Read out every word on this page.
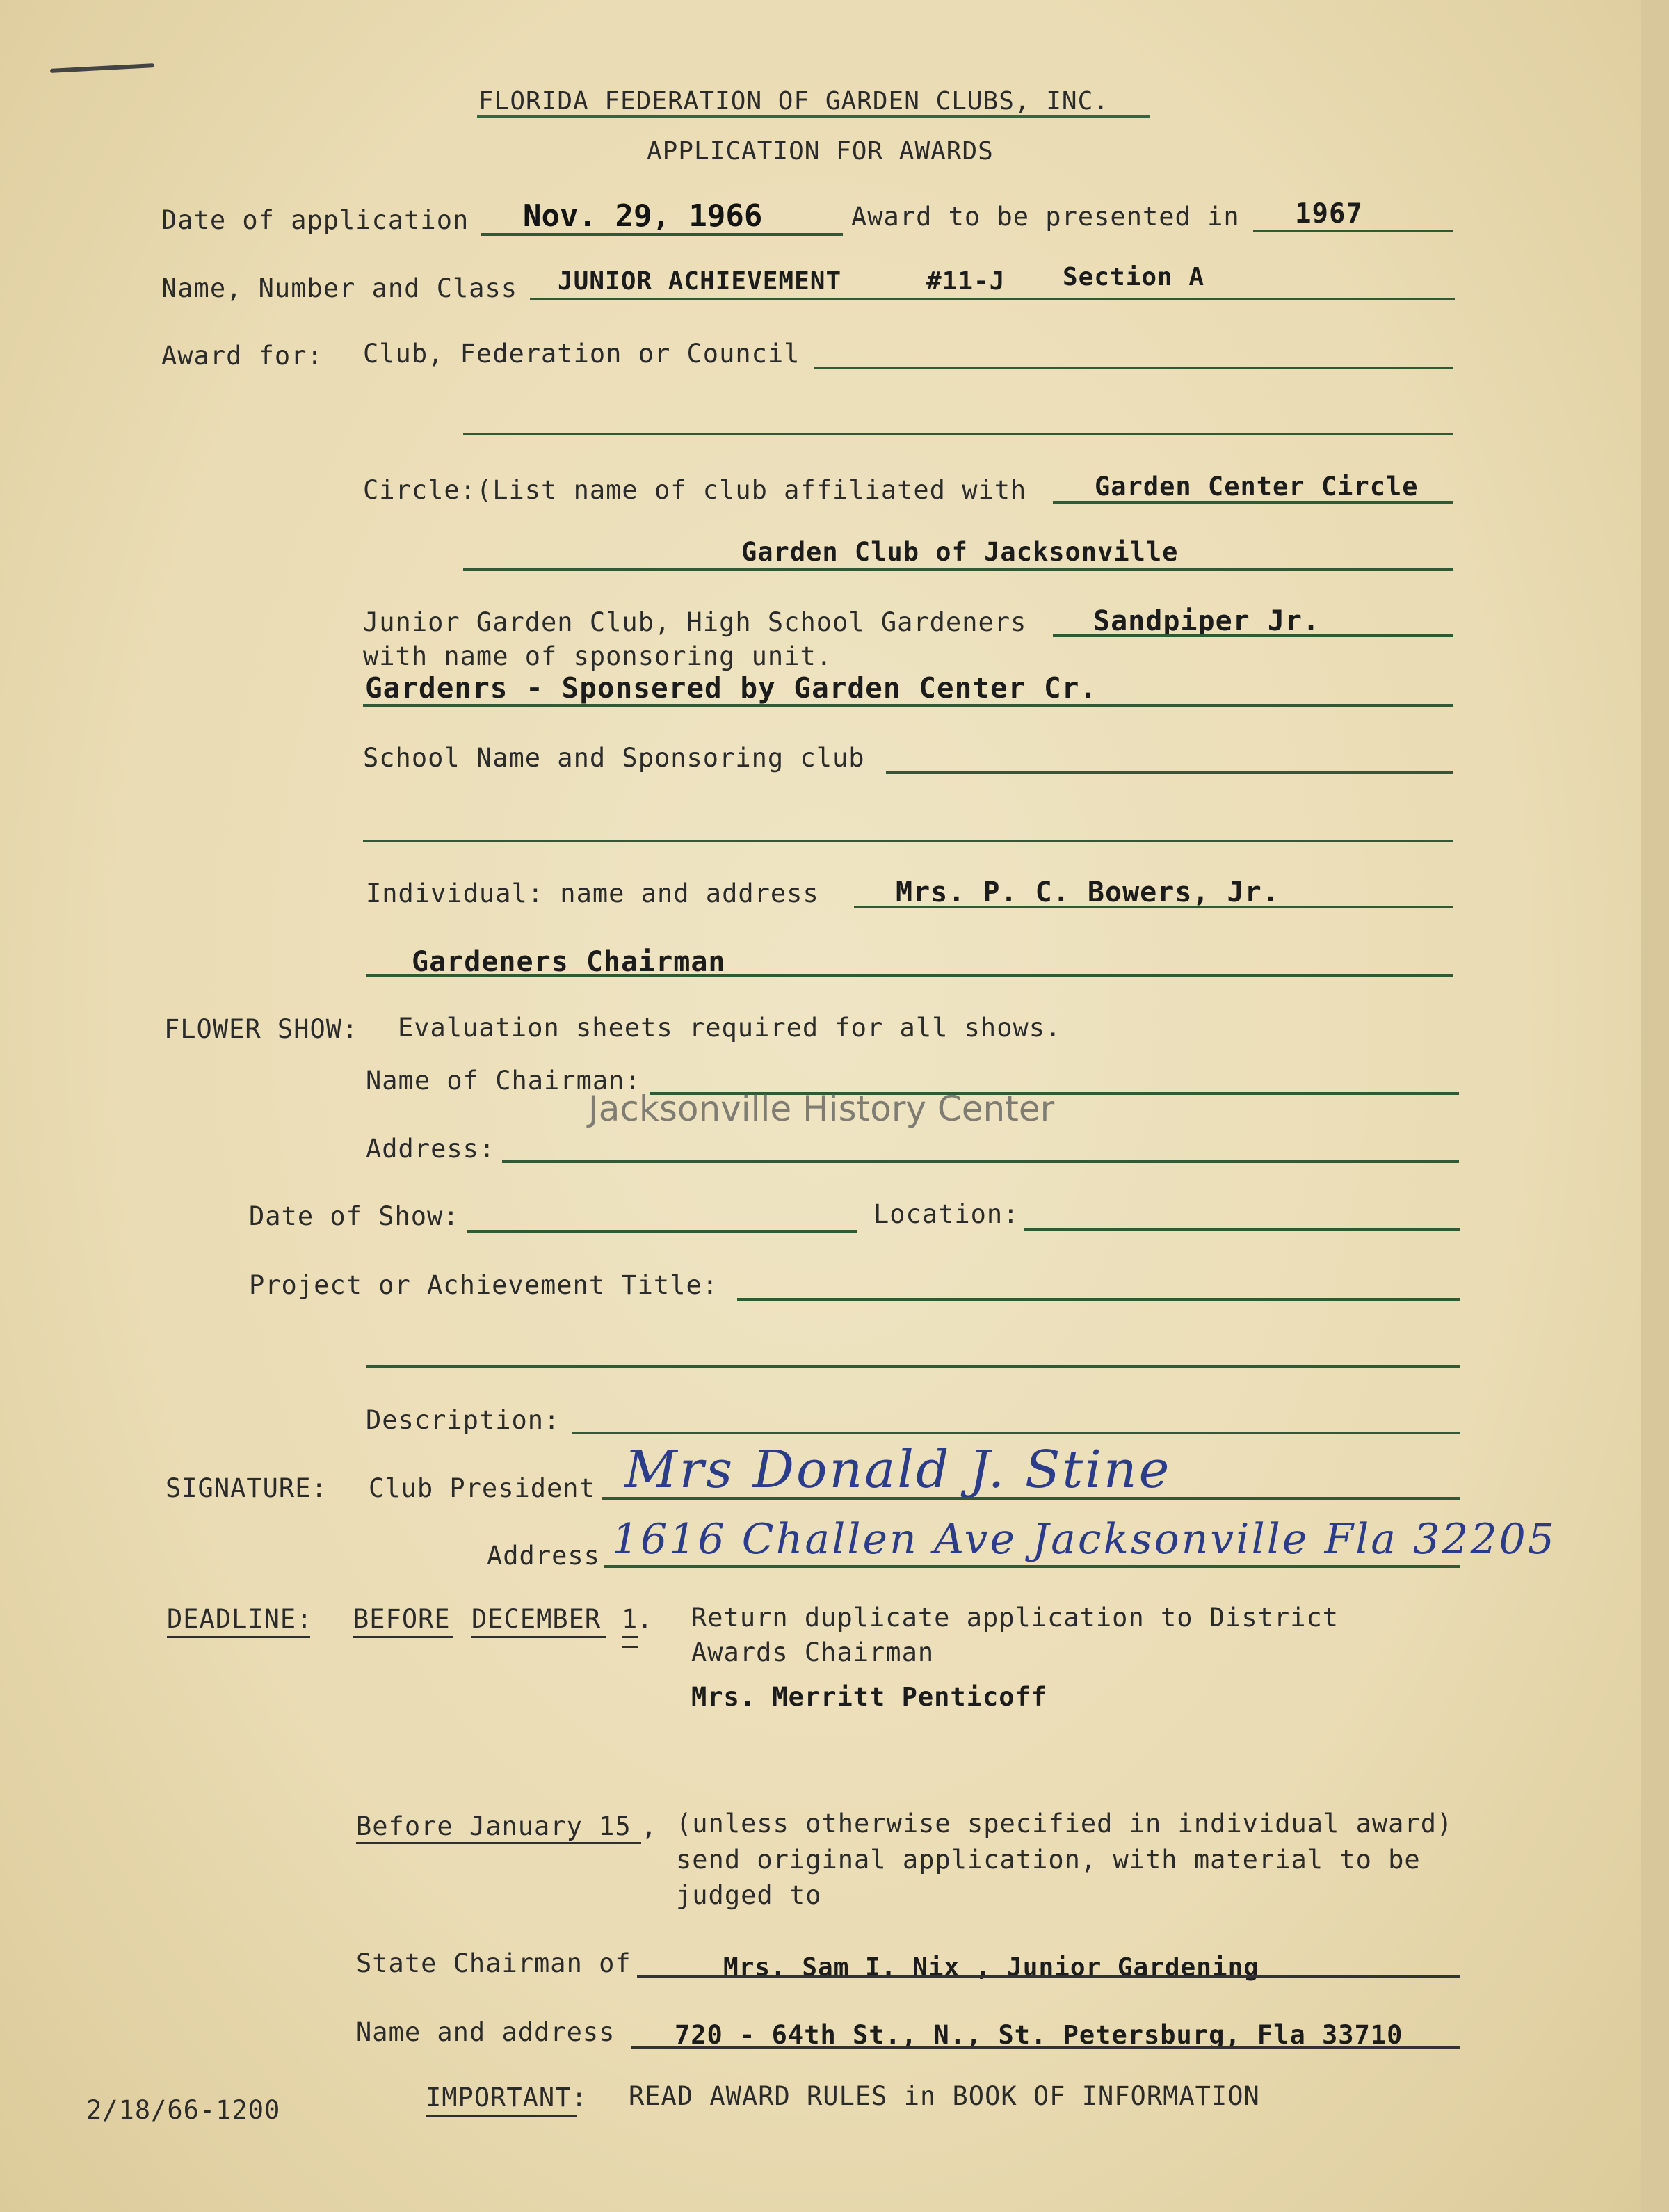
FLORIDA FEDERATION OF GARDEN CLUBS, INC.
APPLICATION FOR AWARDS
Date of application Nov. 29, 1966	Award to be presented in 1967
Name, Number and Class JUNIOR ACHIEVEMENT	#11-J Section A
Award for: Club, Federation or Council
Circle:(List name of club affiliated with	Garden Center Circle
Garden Club of Jacksonville
Junior Garden Club, High School Gardeners Sandpiper Jr.
with name of sponsoring unit.
Gardenrs - Sponsered by Garden Center Cr.
School Name and Sponsoring club
Individual: name and address	Mrs. P. C. Bowers, Jr.
Gardeners Chairman
FLOWER SHOW: Evaluation sheets required for all shows.
Name of Chairman:
Address:
Date of Show:	Location:
Project or Achievement Title:
Description:
SIGNATURE: Club President Mrs Donald J. Stine
Address 1616 Challen Ave Jacksonville Fla 32205
DEADLINE: BEFORE DECEMBER 1
. Return duplicate application to District
Awards Chairman
Mrs. Merritt Penticoff
Before January 15 , (unless otherwise specified in individual award)
send original application, with material to be
judged to
State Chairman of	Mrs. Sam I. Nix , Junior Gardening
Name and address 720 - 64th St., N., St. Petersburg, Fla 33710
2/18/66-1200	IMPORTANT: READ AWARD RULES in BOOK OF INFORMATION
Jacksonville History Center
